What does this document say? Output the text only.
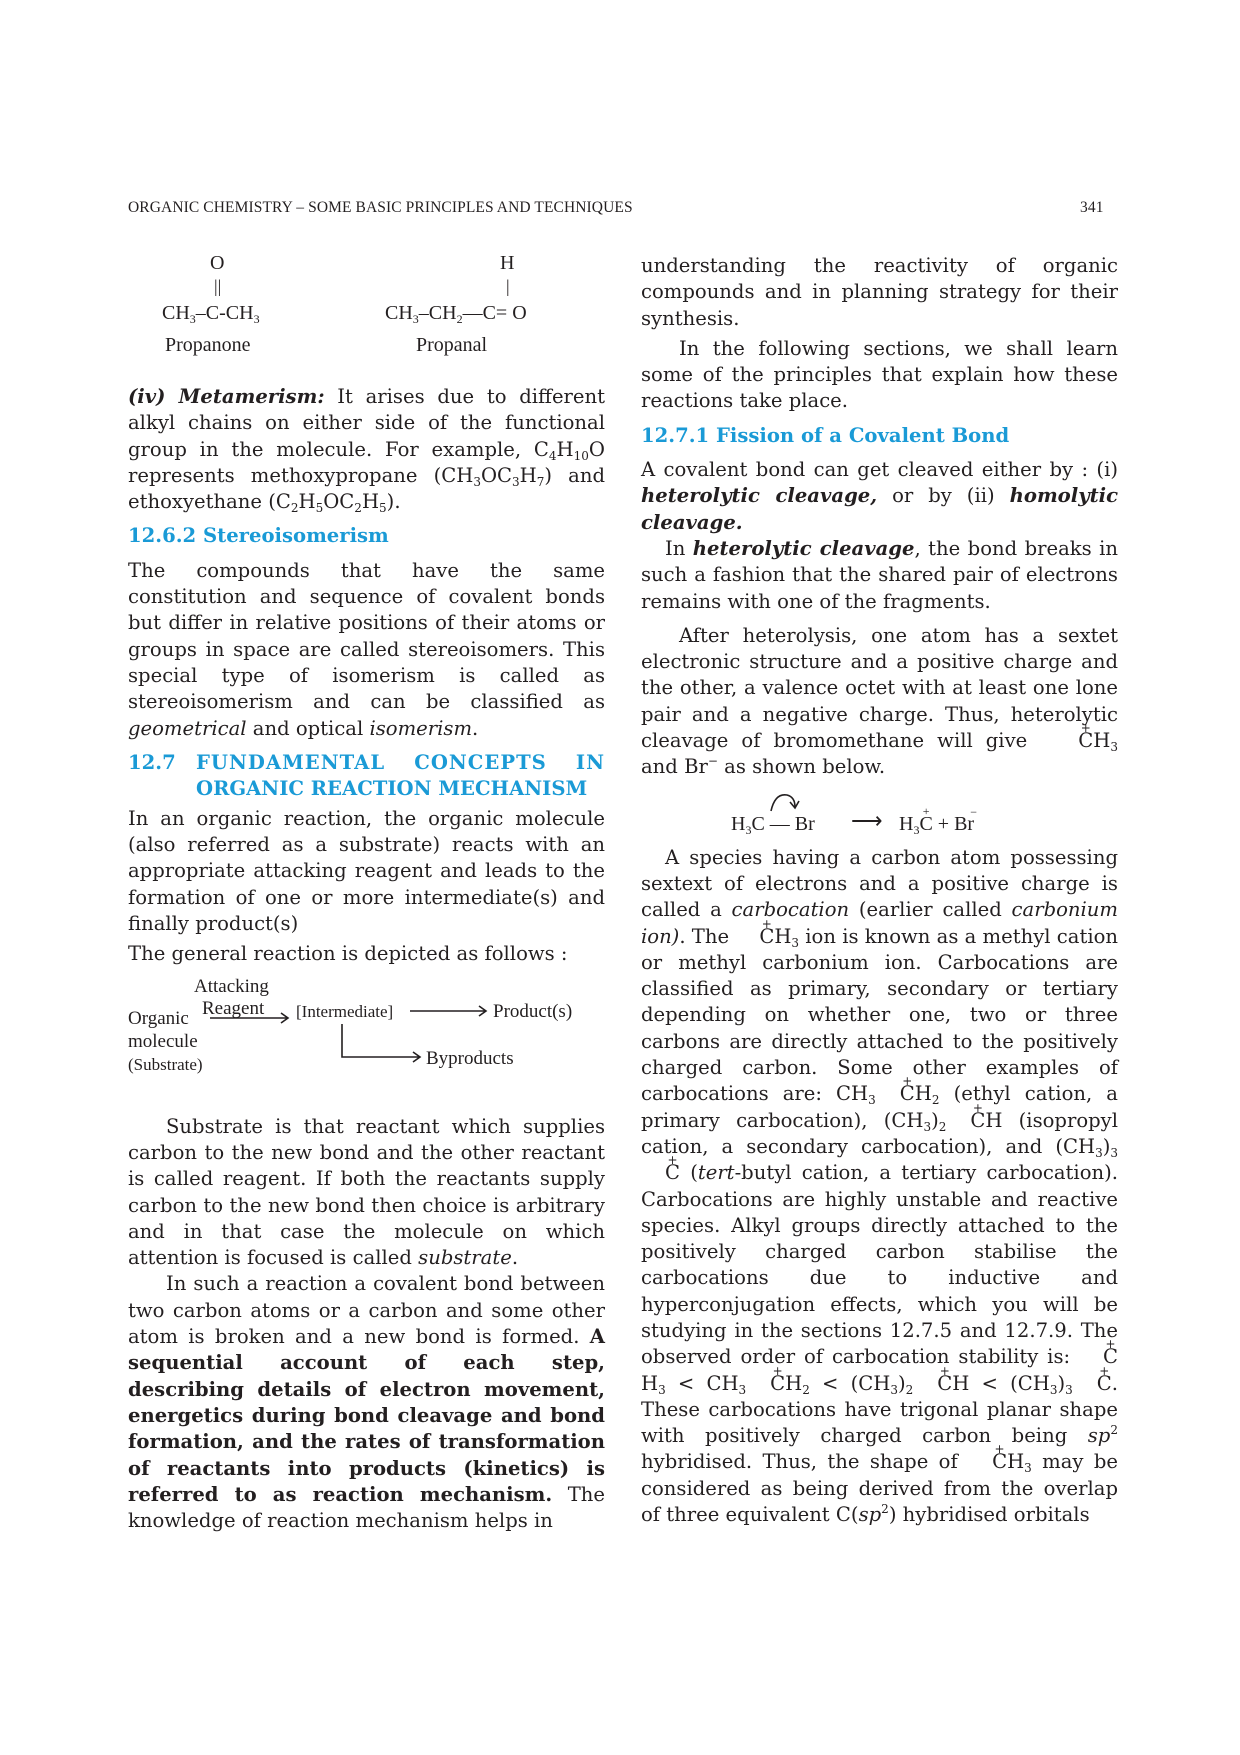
ORGANIC CHEMISTRY – SOME BASIC PRINCIPLES AND TECHNIQUES	341
O
||
$CH_3-C-CH_3$
Propanone
H
|
$CH_3-CH_2—C= O$
Propanal

(iv) Metamerism: It arises due to different alkyl chains on either side of the functional group in the molecule. For example, $C_4H_{10}O$ represents methoxypropane $(CH_3OC_3H_7)$ and ethoxyethane $(C_2H_5OC_2H_5)$.

12.6.2 Stereoisomerism

The compounds that have the same constitution and sequence of covalent bonds but differ in relative positions of their atoms or groups in space are called stereoisomers. This special type of isomerism is called as stereoisomerism and can be classified as geometrical and optical isomerism.

12.7 FUNDAMENTAL CONCEPTS IN
ORGANIC REACTION MECHANISM

In an organic reaction, the organic molecule (also referred as a substrate) reacts with an appropriate attacking reagent and leads to the formation of one or more intermediate(s) and finally product(s)

The general reaction is depicted as follows :

Attacking
Reagent
Organic
molecule
(Substrate)
[Intermediate]	Product(s)
Byproducts

Substrate is that reactant which supplies carbon to the new bond and the other reactant is called reagent. If both the reactants supply carbon to the new bond then choice is arbitrary and in that case the molecule on which attention is focused is called substrate.

In such a reaction a covalent bond between two carbon atoms or a carbon and some other atom is broken and a new bond is formed. A sequential account of each step, describing details of electron movement, energetics during bond cleavage and bond formation, and the rates of transformation of reactants into products (kinetics) is referred to as reaction mechanism. The knowledge of reaction mechanism helps in

understanding the reactivity of organic compounds and in planning strategy for their synthesis.

In the following sections, we shall learn some of the principles that explain how these reactions take place.

12.7.1 Fission of a Covalent Bond

A covalent bond can get cleaved either by : (i) heterolytic cleavage, or by (ii) homolytic cleavage.

In heterolytic cleavage, the bond breaks in such a fashion that the shared pair of electrons remains with one of the fragments.

After heterolysis, one atom has a sextet electronic structure and a positive charge and the other, a valence octet with at least one lone pair and a negative charge. Thus, heterolytic cleavage of bromomethane will give + $CH_3$ and Br− as shown below.

$H_3C$ — Br ⟶ $H_3+ C + Br$ −

A species having a carbon atom possessing sextext of electrons and a positive charge is called a carbocation (earlier called carbonium ion). The + $CH_3$ ion is known as a methyl cation or methyl carbonium ion. Carbocations are classified as primary, secondary or tertiary depending on whether one, two or three carbons are directly attached to the positively charged carbon. Some other examples of carbocations are: $CH_3 + CH_2$ (ethyl cation, a primary carbocation), $(CH_3)_2$ + CH (isopropyl cation, a secondary carbocation), and $(CH_3)_3+ C$ (tert-butyl cation, a tertiary carbocation). Carbocations are highly unstable and reactive species. Alkyl groups directly attached to the positively charged carbon stabilise the carbocations due to inductive and hyperconjugation effects, which you will be studying in the sections 12.7.5 and 12.7.9. The observed order of carbocation stability is: + $CH_3 < CH_3 + CH_2 < (CH_3)_2$ + CH < $(CH_3)_3 + C$. These carbocations have trigonal planar shape with positively charged carbon being $sp^2$ hybridised. Thus, the shape of + $CH_3$ may be considered as being derived from the overlap of three equivalent $C(sp^2)$ hybridised orbitals
